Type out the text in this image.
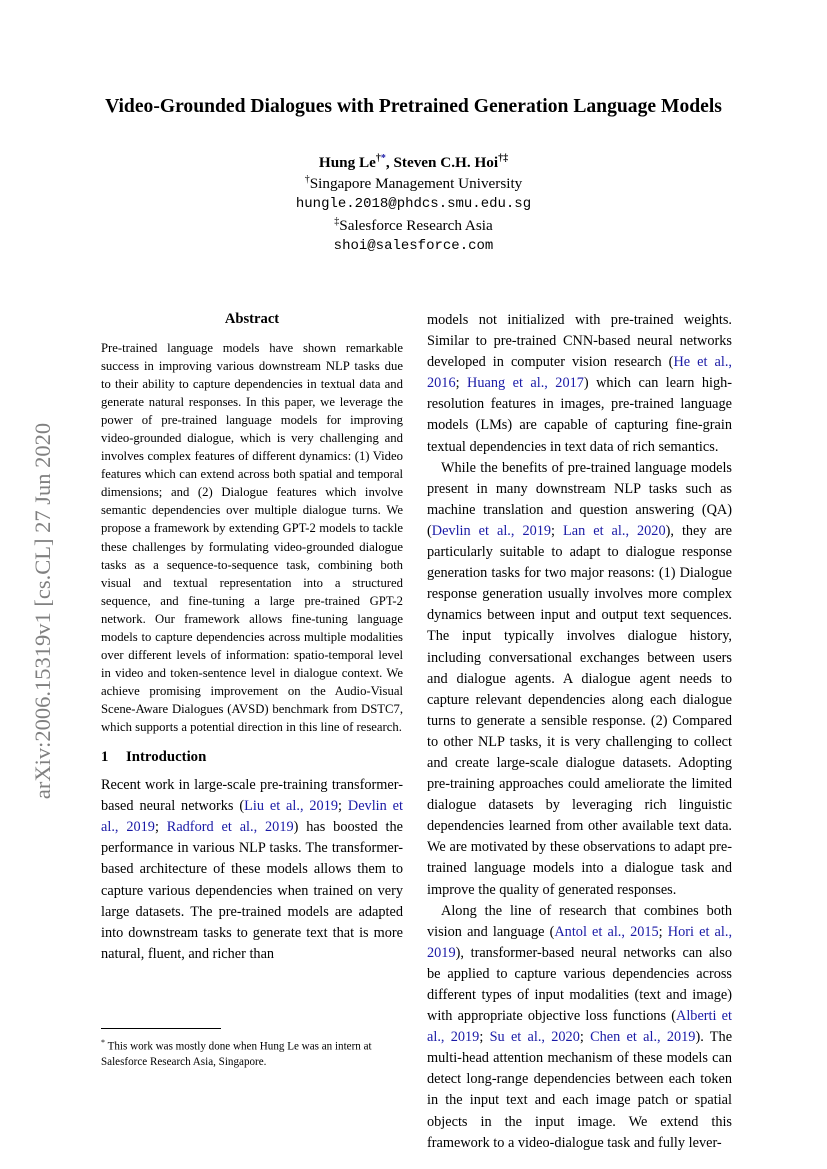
arXiv:2006.15319v1 [cs.CL] 27 Jun 2020
Video-Grounded Dialogues with Pretrained Generation Language Models
Hung Le†*, Steven C.H. Hoi†‡
†Singapore Management University
hungle.2018@phdcs.smu.edu.sg
‡Salesforce Research Asia
shoi@salesforce.com
Abstract

Pre-trained language models have shown remarkable success in improving various downstream NLP tasks due to their ability to capture dependencies in textual data and generate natural responses. In this paper, we leverage the power of pre-trained language models for improving video-grounded dialogue, which is very challenging and involves complex features of different dynamics: (1) Video features which can extend across both spatial and temporal dimensions; and (2) Dialogue features which involve semantic dependencies over multiple dialogue turns. We propose a framework by extending GPT-2 models to tackle these challenges by formulating video-grounded dialogue tasks as a sequence-to-sequence task, combining both visual and textual representation into a structured sequence, and fine-tuning a large pre-trained GPT-2 network. Our framework allows fine-tuning language models to capture dependencies across multiple modalities over different levels of information: spatio-temporal level in video and token-sentence level in dialogue context. We achieve promising improvement on the Audio-Visual Scene-Aware Dialogues (AVSD) benchmark from DSTC7, which supports a potential direction in this line of research.

1 Introduction

Recent work in large-scale pre-training transformer-based neural networks (Liu et al., 2019; Devlin et al., 2019; Radford et al., 2019) has boosted the performance in various NLP tasks. The transformer-based architecture of these models allows them to capture various dependencies when trained on very large datasets. The pre-trained models are adapted into downstream tasks to generate text that is more natural, fluent, and richer than

* This work was mostly done when Hung Le was an intern at Salesforce Research Asia, Singapore.

models not initialized with pre-trained weights. Similar to pre-trained CNN-based neural networks developed in computer vision research (He et al., 2016; Huang et al., 2017) which can learn high-resolution features in images, pre-trained language models (LMs) are capable of capturing fine-grain textual dependencies in text data of rich semantics.

While the benefits of pre-trained language models present in many downstream NLP tasks such as machine translation and question answering (QA) (Devlin et al., 2019; Lan et al., 2020), they are particularly suitable to adapt to dialogue response generation tasks for two major reasons: (1) Dialogue response generation usually involves more complex dynamics between input and output text sequences. The input typically involves dialogue history, including conversational exchanges between users and dialogue agents. A dialogue agent needs to capture relevant dependencies along each dialogue turns to generate a sensible response. (2) Compared to other NLP tasks, it is very challenging to collect and create large-scale dialogue datasets. Adopting pre-training approaches could ameliorate the limited dialogue datasets by leveraging rich linguistic dependencies learned from other available text data. We are motivated by these observations to adapt pre-trained language models into a dialogue task and improve the quality of generated responses.

Along the line of research that combines both vision and language (Antol et al., 2015; Hori et al., 2019), transformer-based neural networks can also be applied to capture various dependencies across different types of input modalities (text and image) with appropriate objective loss functions (Alberti et al., 2019; Su et al., 2020; Chen et al., 2019). The multi-head attention mechanism of these models can detect long-range dependencies between each token in the input text and each image patch or spatial objects in the input image. We extend this framework to a video-dialogue task and fully lever-
